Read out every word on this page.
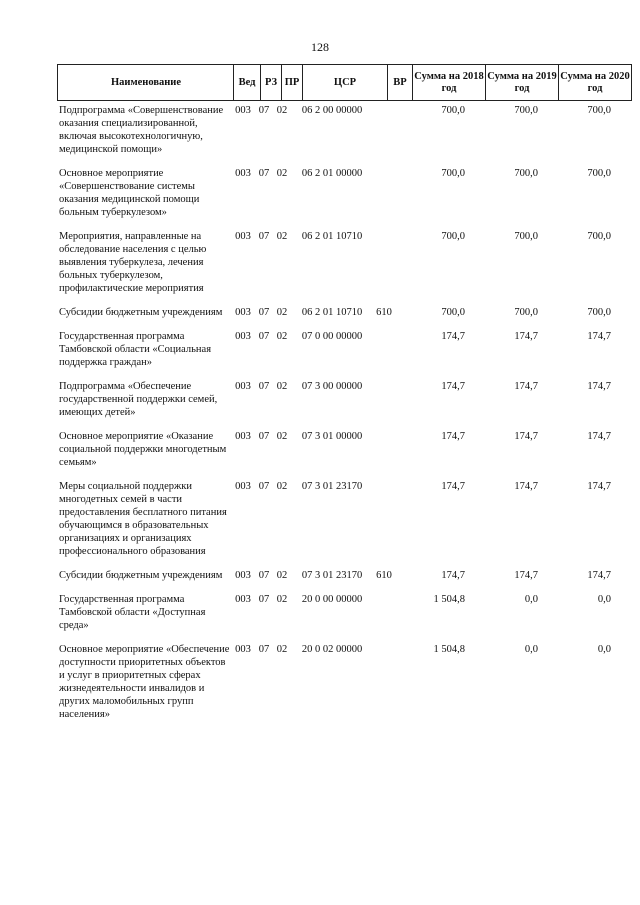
128
Наименование	Вед	РЗ	ПР	ЦСР	ВР	Сумма на 2018 год	Сумма на 2019 год	Сумма на 2020 год
Подпрограмма «Совершенствование оказания специализированной, включая высокотехнологичную, медицинской помощи»	003	07	02	06 2 00 00000		700,0	700,0	700,0
Основное мероприятие «Совершенствование системы оказания медицинской помощи больным туберкулезом»	003	07	02	06 2 01 00000		700,0	700,0	700,0
Мероприятия, направленные на обследование населения с целью выявления туберкулеза, лечения больных туберкулезом, профилактические мероприятия	003	07	02	06 2 01 10710		700,0	700,0	700,0
Субсидии бюджетным учреждениям	003	07	02	06 2 01 10710	610	700,0	700,0	700,0
Государственная программа Тамбовской области «Социальная поддержка граждан»	003	07	02	07 0 00 00000		174,7	174,7	174,7
Подпрограмма «Обеспечение государственной поддержки семей, имеющих детей»	003	07	02	07 3 00 00000		174,7	174,7	174,7
Основное мероприятие «Оказание социальной поддержки многодетным семьям»	003	07	02	07 3 01 00000		174,7	174,7	174,7
Меры социальной поддержки многодетных семей в части предоставления бесплатного питания обучающимся в образовательных организациях и организациях профессионального образования	003	07	02	07 3 01 23170		174,7	174,7	174,7
Субсидии бюджетным учреждениям	003	07	02	07 3 01 23170	610	174,7	174,7	174,7
Государственная программа Тамбовской области «Доступная среда»	003	07	02	20 0 00 00000		1 504,8	0,0	0,0
Основное мероприятие «Обеспечение доступности приоритетных объектов и услуг в приоритетных сферах жизнедеятельности инвалидов и других маломобильных групп населения»	003	07	02	20 0 02 00000		1 504,8	0,0	0,0
